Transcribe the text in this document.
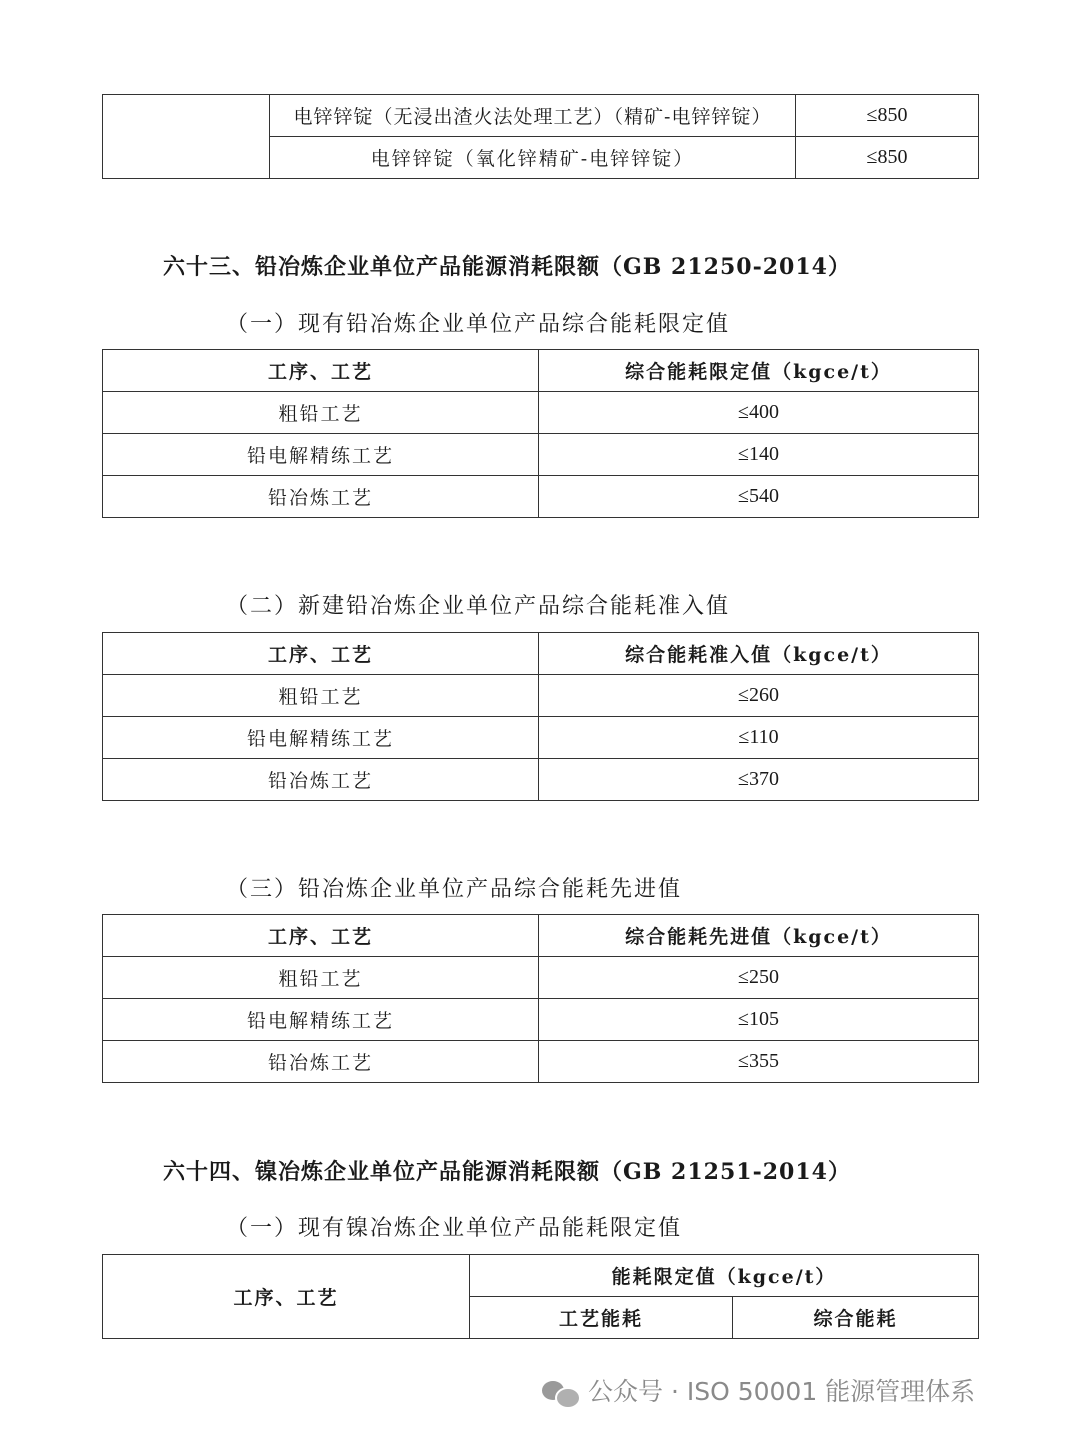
	电锌锌锭（无浸出渣火法处理工艺）（精矿-电锌锌锭）	≤850
	电锌锌锭（氧化锌精矿-电锌锌锭）	≤850
六十三、铅冶炼企业单位产品能源消耗限额（GB 21250-2014）
（一）现有铅冶炼企业单位产品综合能耗限定值
工序、工艺	综合能耗限定值（kgce/t）
粗铅工艺	≤400
铅电解精练工艺	≤140
铅冶炼工艺	≤540
（二）新建铅冶炼企业单位产品综合能耗准入值
工序、工艺	综合能耗准入值（kgce/t）
粗铅工艺	≤260
铅电解精练工艺	≤110
铅冶炼工艺	≤370
（三）铅冶炼企业单位产品综合能耗先进值
工序、工艺	综合能耗先进值（kgce/t）
粗铅工艺	≤250
铅电解精练工艺	≤105
铅冶炼工艺	≤355
六十四、镍冶炼企业单位产品能源消耗限额（GB 21251-2014）
（一）现有镍冶炼企业单位产品能耗限定值
工序、工艺	能耗限定值（kgce/t）	
	工艺能耗	综合能耗
公众号 · ISO 50001 能源管理体系
